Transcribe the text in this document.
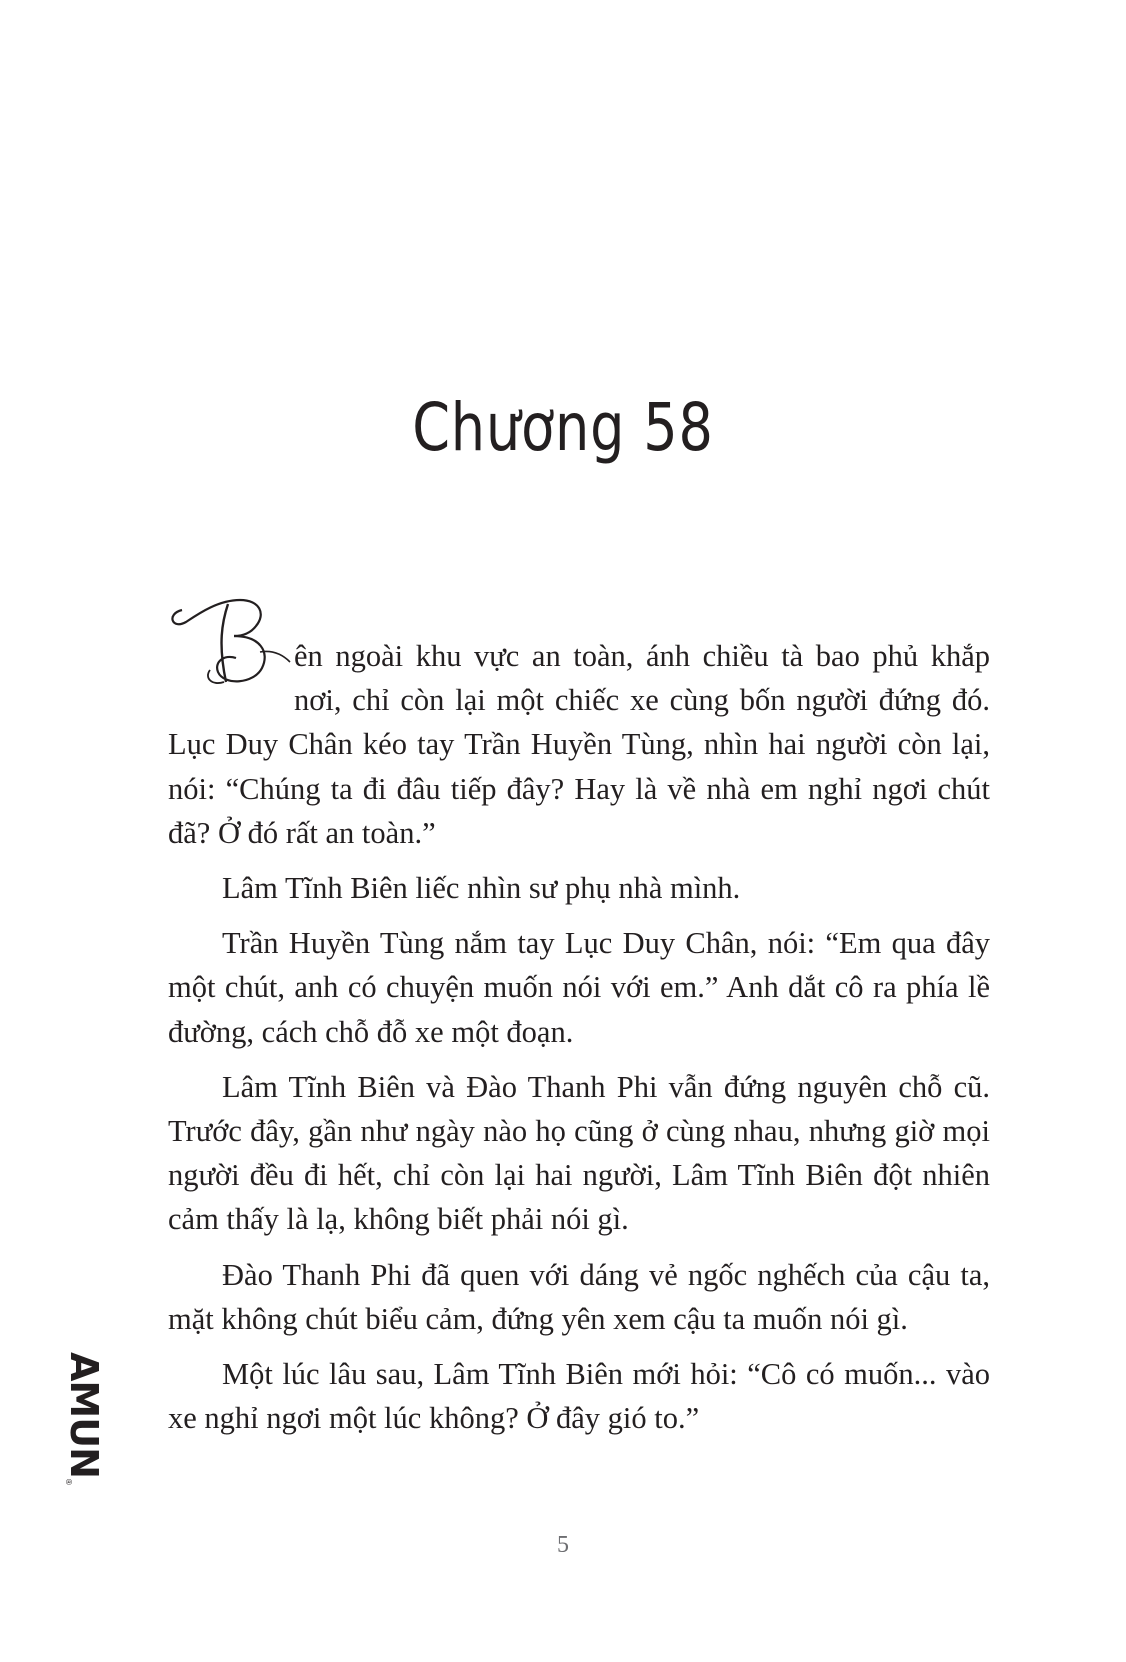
Chương 58

ên ngoài khu vực an toàn, ánh chiều tà bao phủ khắp nơi, chỉ còn lại một chiếc xe cùng bốn người đứng đó. Lục Duy Chân kéo tay Trần Huyền Tùng, nhìn hai người còn lại, nói: “Chúng ta đi đâu tiếp đây? Hay là về nhà em nghỉ ngơi chút đã? Ở đó rất an toàn.”

Lâm Tĩnh Biên liếc nhìn sư phụ nhà mình.

Trần Huyền Tùng nắm tay Lục Duy Chân, nói: “Em qua đây một chút, anh có chuyện muốn nói với em.” Anh dắt cô ra phía lề đường, cách chỗ đỗ xe một đoạn.

Lâm Tĩnh Biên và Đào Thanh Phi vẫn đứng nguyên chỗ cũ. Trước đây, gần như ngày nào họ cũng ở cùng nhau, nhưng giờ mọi người đều đi hết, chỉ còn lại hai người, Lâm Tĩnh Biên đột nhiên cảm thấy là lạ, không biết phải nói gì.

Đào Thanh Phi đã quen với dáng vẻ ngốc nghếch của cậu ta, mặt không chút biểu cảm, đứng yên xem cậu ta muốn nói gì.

Một lúc lâu sau, Lâm Tĩnh Biên mới hỏi: “Cô có muốn... vào xe nghỉ ngơi một lúc không? Ở đây gió to.”

AMUN®
5
